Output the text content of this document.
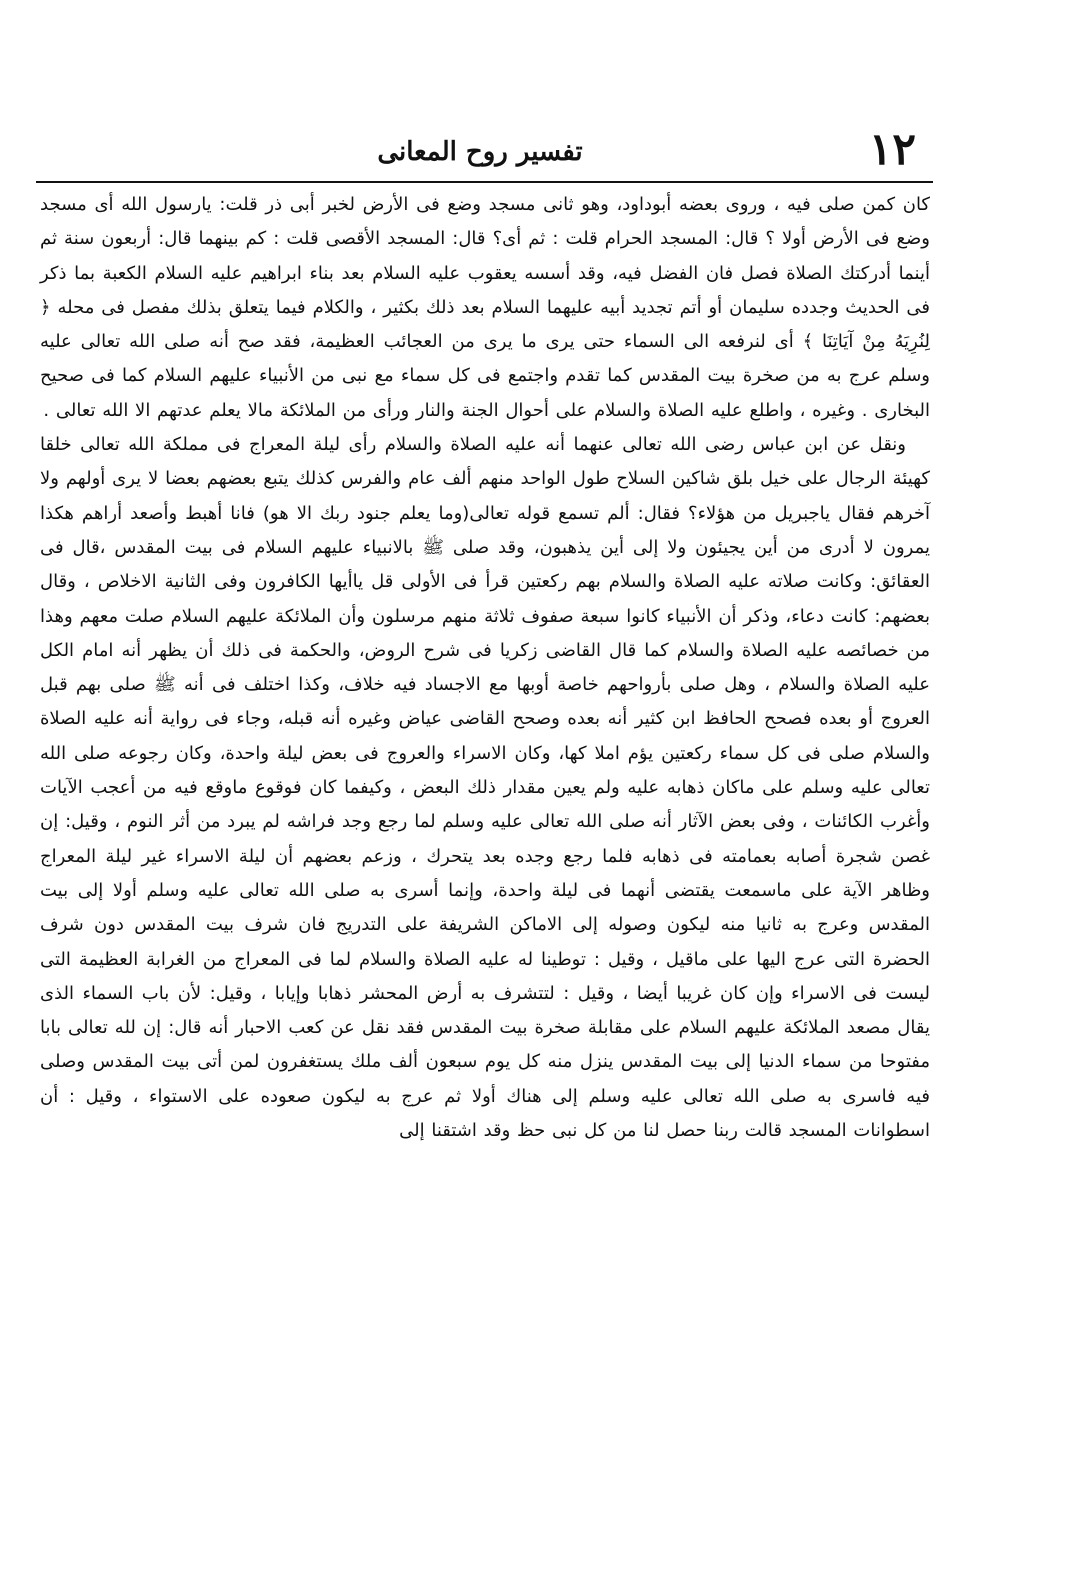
١٢
تفسير روح المعانى

كان كمن صلى فيه ، وروى بعضه أبوداود، وهو ثانى مسجد وضع فى الأرض لخبر أبى ذر قلت: يارسول الله أى مسجد وضع فى الأرض أولا ؟ قال: المسجد الحرام قلت : ثم أى؟ قال: المسجد الأقصى قلت : كم بينهما قال: أربعون سنة ثم أينما أدركتك الصلاة فصل فان الفضل فيه، وقد أسسه يعقوب عليه السلام بعد بناء ابراهيم عليه السلام الكعبة بما ذكر فى الحديث وجدده سليمان أو أتم تجديد أبيه عليهما السلام بعد ذلك بكثير ، والكلام فيما يتعلق بذلك مفصل فى محله ﴿ لِنُرِيَهُ مِنْ آيَاتِنَا ﴾ أى لنرفعه الى السماء حتى يرى ما يرى من العجائب العظيمة، فقد صح أنه صلى الله تعالى عليه وسلم عرج به من صخرة بيت المقدس كما تقدم واجتمع فى كل سماء مع نبى من الأنبياء عليهم السلام كما فى صحيح البخارى . وغيره ، واطلع عليه الصلاة والسلام على أحوال الجنة والنار ورأى من الملائكة مالا يعلم عدتهم الا الله تعالى .

ونقل عن ابن عباس رضى الله تعالى عنهما أنه عليه الصلاة والسلام رأى ليلة المعراج فى مملكة الله تعالى خلقا كهيئة الرجال على خيل بلق شاكين السلاح طول الواحد منهم ألف عام والفرس كذلك يتبع بعضهم بعضا لا يرى أولهم ولا آخرهم فقال ياجبريل من هؤلاء؟ فقال: ألم تسمع قوله تعالى(وما يعلم جنود ربك الا هو) فانا أهبط وأصعد أراهم هكذا يمرون لا أدرى من أين يجيئون ولا إلى أين يذهبون، وقد صلى ﷺ بالانبياء عليهم السلام فى بيت المقدس ،قال فى العقائق: وكانت صلاته عليه الصلاة والسلام بهم ركعتين قرأ فى الأولى قل ياأيها الكافرون وفى الثانية الاخلاص ، وقال بعضهم: كانت دعاء، وذكر أن الأنبياء كانوا سبعة صفوف ثلاثة منهم مرسلون وأن الملائكة عليهم السلام صلت معهم وهذا من خصائصه عليه الصلاة والسلام كما قال القاضى زكريا فى شرح الروض، والحكمة فى ذلك أن يظهر أنه امام الكل عليه الصلاة والسلام ، وهل صلى بأرواحهم خاصة أوبها مع الاجساد فيه خلاف، وكذا اختلف فى أنه ﷺ صلى بهم قبل العروج أو بعده فصحح الحافظ ابن كثير أنه بعده وصحح القاضى عياض وغيره أنه قبله، وجاء فى رواية أنه عليه الصلاة والسلام صلى فى كل سماء ركعتين يؤم املا كها، وكان الاسراء والعروج فى بعض ليلة واحدة، وكان رجوعه صلى الله تعالى عليه وسلم على ماكان ذهابه عليه ولم يعين مقدار ذلك البعض ، وكيفما كان فوقوع ماوقع فيه من أعجب الآيات وأغرب الكائنات ، وفى بعض الآثار أنه صلى الله تعالى عليه وسلم لما رجع وجد فراشه لم يبرد من أثر النوم ، وقيل: إن غصن شجرة أصابه بعمامته فى ذهابه فلما رجع وجده بعد يتحرك ، وزعم بعضهم أن ليلة الاسراء غير ليلة المعراج وظاهر الآية على ماسمعت يقتضى أنهما فى ليلة واحدة، وإنما أسرى به صلى الله تعالى عليه وسلم أولا إلى بيت المقدس وعرج به ثانيا منه ليكون وصوله إلى الاماكن الشريفة على التدريج فان شرف بيت المقدس دون شرف الحضرة التى عرج اليها على ماقيل ، وقيل : توطينا له عليه الصلاة والسلام لما فى المعراج من الغرابة العظيمة التى ليست فى الاسراء وإن كان غريبا أيضا ، وقيل : لتتشرف به أرض المحشر ذهابا وإيابا ، وقيل: لأن باب السماء الذى يقال مصعد الملائكة عليهم السلام على مقابلة صخرة بيت المقدس فقد نقل عن كعب الاحبار أنه قال: إن لله تعالى بابا مفتوحا من سماء الدنيا إلى بيت المقدس ينزل منه كل يوم سبعون ألف ملك يستغفرون لمن أتى بيت المقدس وصلى فيه فاسرى به صلى الله تعالى عليه وسلم إلى هناك أولا ثم عرج به ليكون صعوده على الاستواء ، وقيل : أن اسطوانات المسجد قالت ربنا حصل لنا من كل نبى حظ وقد اشتقنا إلى
